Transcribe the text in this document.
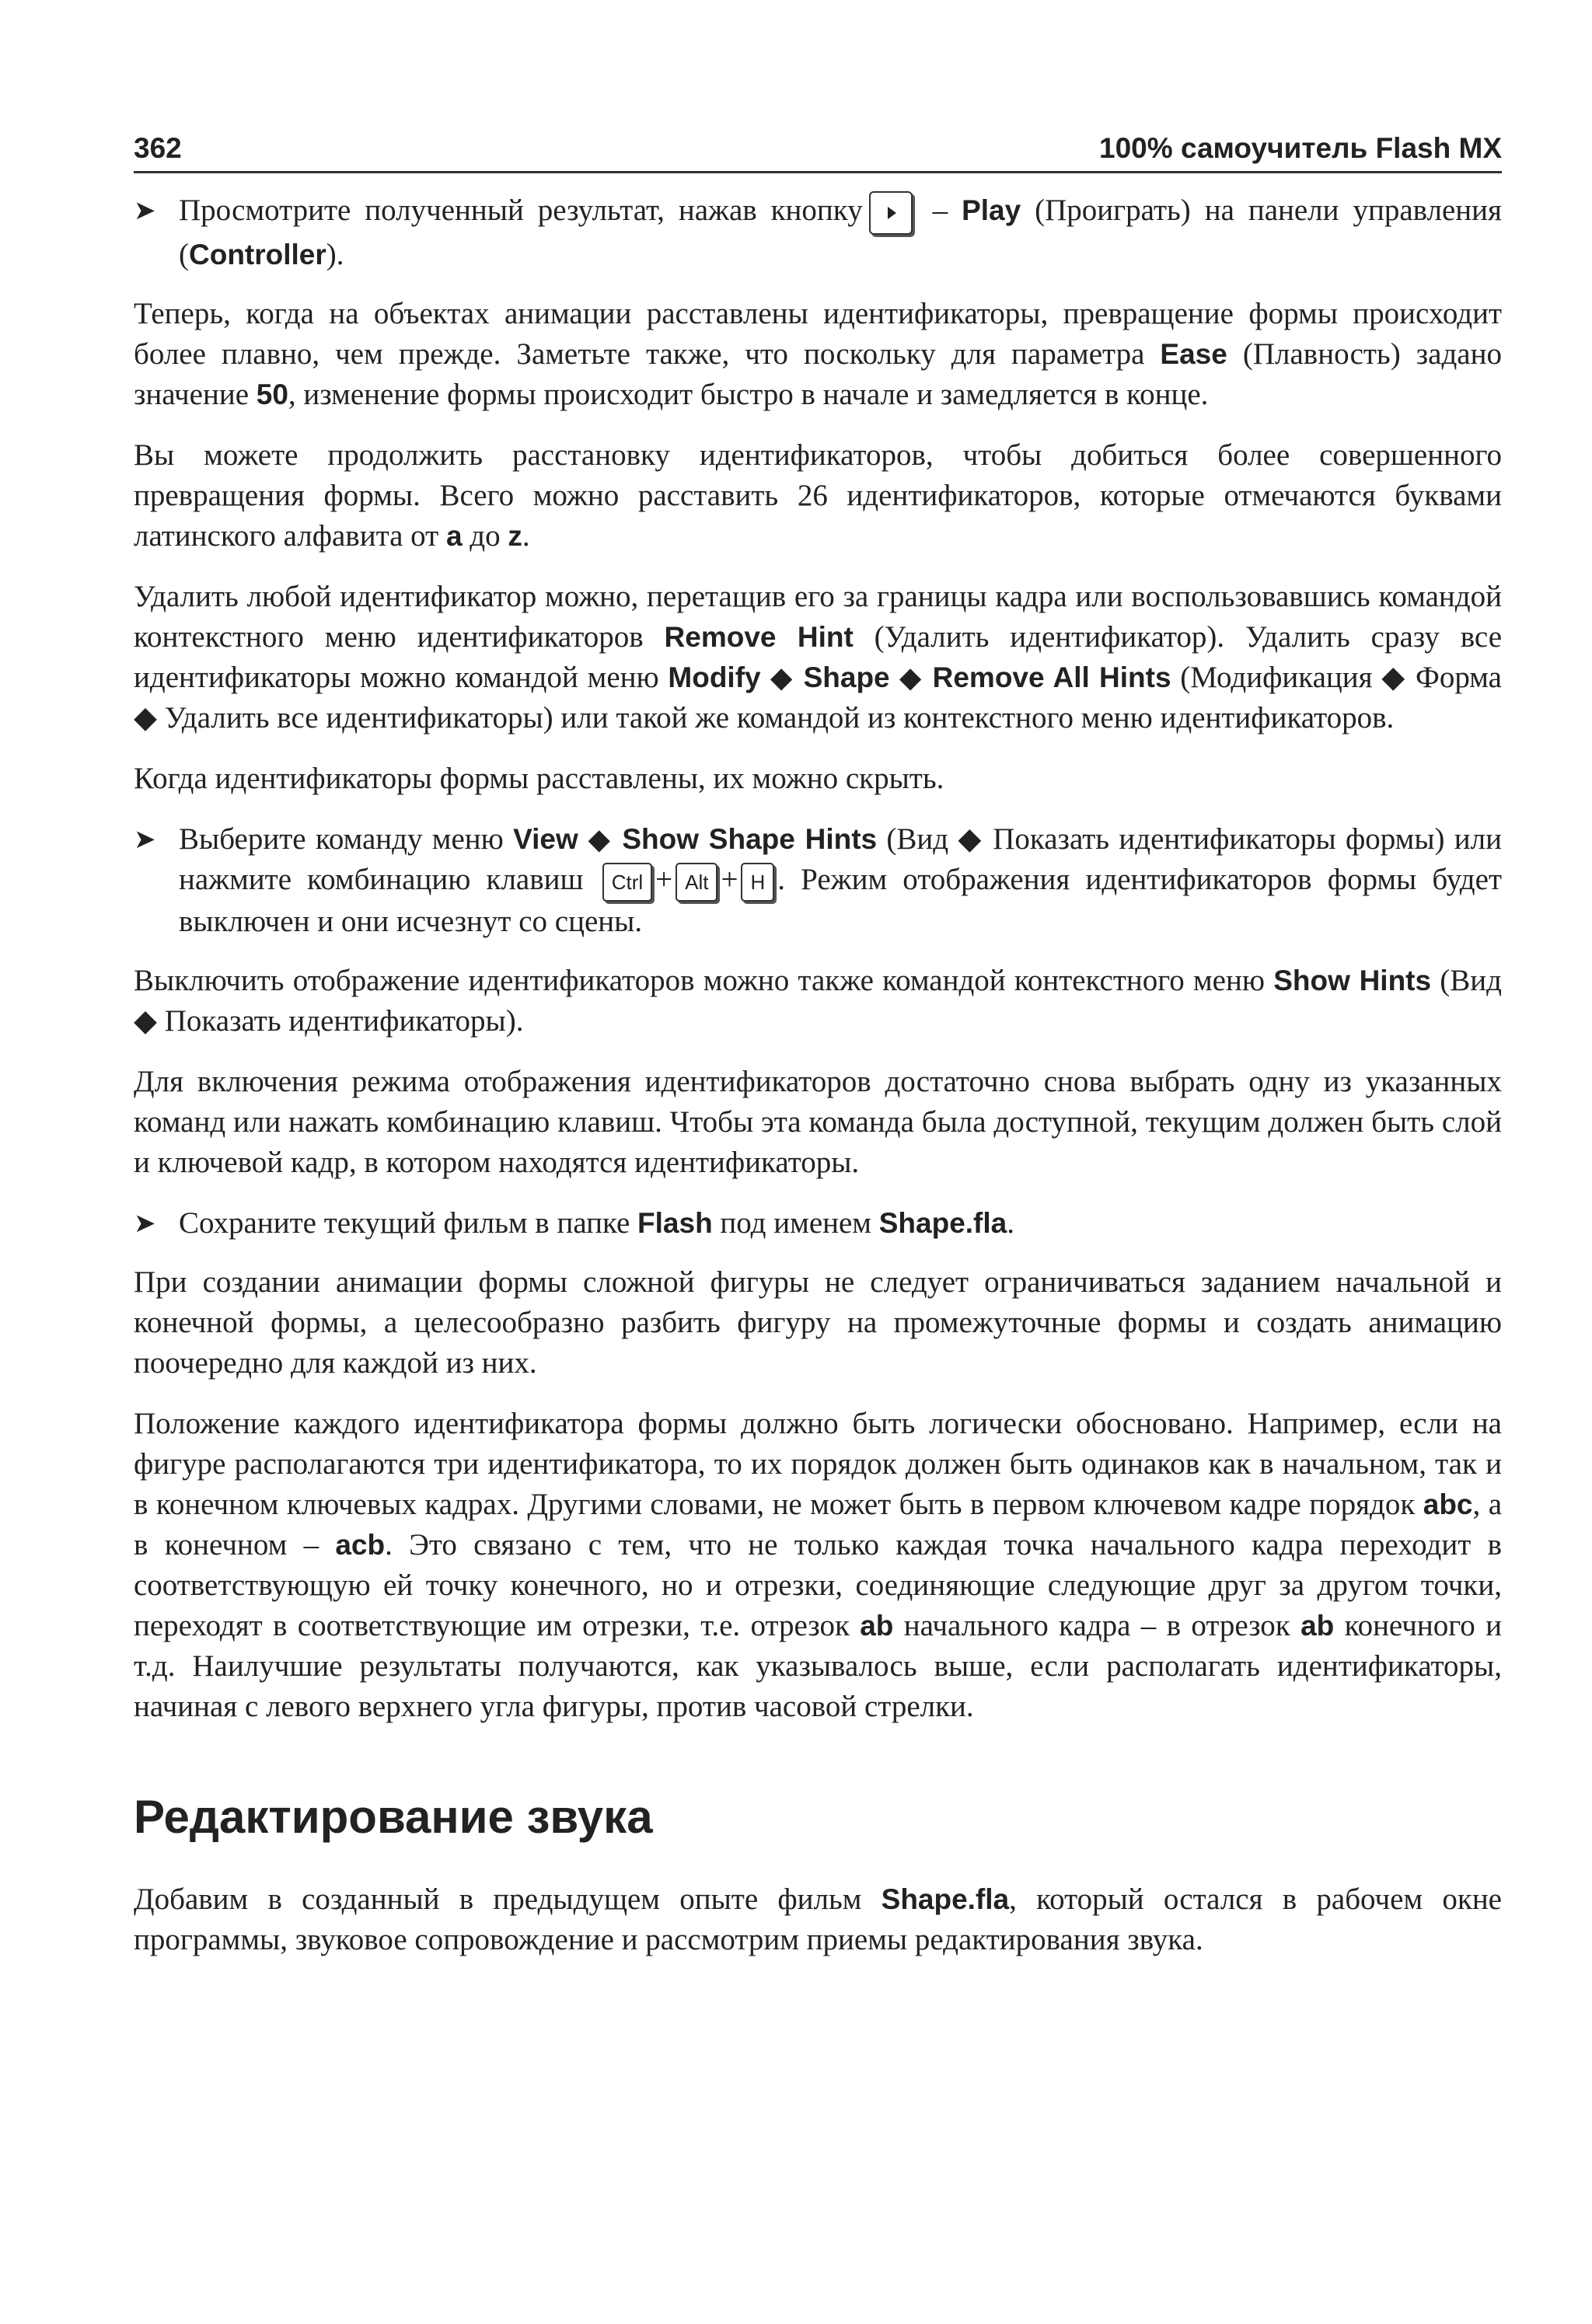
362	100% самоучитель Flash MX
➤ Просмотрите полученный результат, нажав кнопку – Play (Проиграть) на панели управления (Controller).

Теперь, когда на объектах анимации расставлены идентификаторы, превращение формы происходит более плавно, чем прежде. Заметьте также, что поскольку для параметра Ease (Плавность) задано значение 50, изменение формы происходит быстро в начале и замедляется в конце.

Вы можете продолжить расстановку идентификаторов, чтобы добиться более совершенного превращения формы. Всего можно расставить 26 идентификаторов, которые отмечаются буквами латинского алфавита от a до z.

Удалить любой идентификатор можно, перетащив его за границы кадра или воспользовавшись командой контекстного меню идентификаторов Remove Hint (Удалить идентификатор). Удалить сразу все идентификаторы можно командой меню Modify ◆ Shape ◆ Remove All Hints (Модификация ◆ Форма ◆ Удалить все идентификаторы) или такой же командой из контекстного меню идентификаторов.

Когда идентификаторы формы расставлены, их можно скрыть.

➤ Выберите команду меню View ◆ Show Shape Hints (Вид ◆ Показать идентификаторы формы) или нажмите комбинацию клавиш Ctrl + Alt + H . Режим отображения идентификаторов формы будет выключен и они исчезнут со сцены.

Выключить отображение идентификаторов можно также командой контекстного меню Show Hints (Вид ◆ Показать идентификаторы).

Для включения режима отображения идентификаторов достаточно снова выбрать одну из указанных команд или нажать комбинацию клавиш. Чтобы эта команда была доступной, текущим должен быть слой и ключевой кадр, в котором находятся идентификаторы.

➤ Сохраните текущий фильм в папке Flash под именем Shape.fla.

При создании анимации формы сложной фигуры не следует ограничиваться заданием начальной и конечной формы, а целесообразно разбить фигуру на промежуточные формы и создать анимацию поочередно для каждой из них.

Положение каждого идентификатора формы должно быть логически обосновано. Например, если на фигуре располагаются три идентификатора, то их порядок должен быть одинаков как в начальном, так и в конечном ключевых кадрах. Другими словами, не может быть в первом ключевом кадре порядок abc, а в конечном – acb. Это связано с тем, что не только каждая точка начального кадра переходит в соответствующую ей точку конечного, но и отрезки, соединяющие следующие друг за другом точки, переходят в соответствующие им отрезки, т.е. отрезок ab начального кадра – в отрезок ab конечного и т.д. Наилучшие результаты получаются, как указывалось выше, если располагать идентификаторы, начиная с левого верхнего угла фигуры, против часовой стрелки.

Редактирование звука

Добавим в созданный в предыдущем опыте фильм Shape.fla, который остался в рабочем окне программы, звуковое сопровождение и рассмотрим приемы редактирования звука.
